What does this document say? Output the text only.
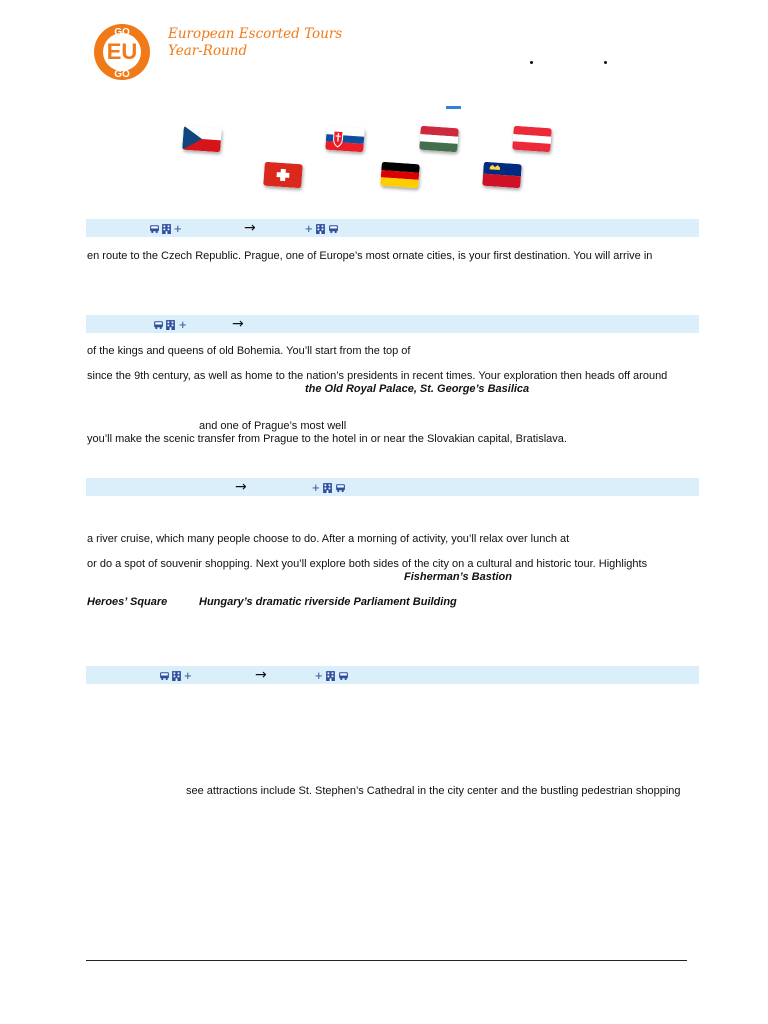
GO
EU
GO
European Escorted Tours
Year-Round
+	→	+
en route to the Czech Republic. Prague, one of Europe’s most ornate cities, is your first destination. You will arrive in
+	→
of the kings and queens of old Bohemia. You’ll start from the top of
since the 9th century, as well as home to the nation’s presidents in recent times. Your exploration then heads off around
the Old Royal Palace, St. George’s Basilica
and one of Prague’s most well
you’ll make the scenic transfer from Prague to the hotel in or near the Slovakian capital, Bratislava.
→	+
a river cruise, which many people choose to do. After a morning of activity, you’ll relax over lunch at
or do a spot of souvenir shopping. Next you’ll explore both sides of the city on a cultural and historic tour. Highlights
Fisherman’s Bastion
Heroes’ Square	Hungary’s dramatic riverside Parliament Building
+	→	+
see attractions include St. Stephen’s Cathedral in the city center and the bustling pedestrian shopping
